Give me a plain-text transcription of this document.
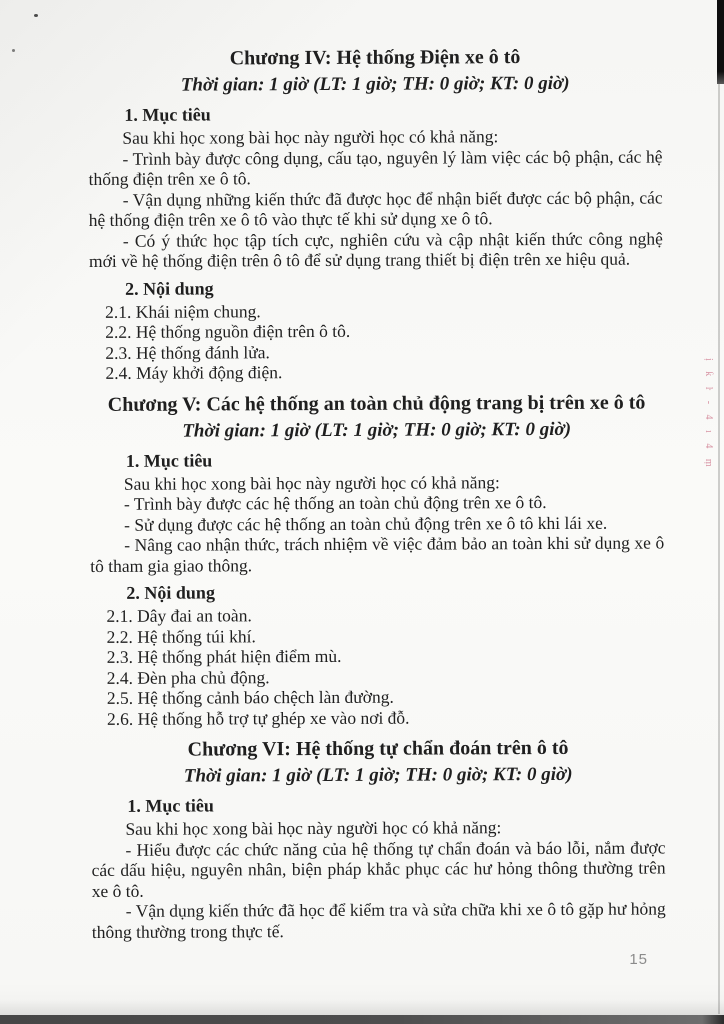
Chương IV: Hệ thống Điện xe ô tô
Thời gian: 1 giờ (LT: 1 giờ; TH: 0 giờ; KT: 0 giờ)
1. Mục tiêu

Sau khi học xong bài học này người học có khả năng:

- Trình bày được công dụng, cấu tạo, nguyên lý làm việc các bộ phận, các hệ thống điện trên xe ô tô.

- Vận dụng những kiến thức đã được học để nhận biết được các bộ phận, các hệ thống điện trên xe ô tô vào thực tế khi sử dụng xe ô tô.

- Có ý thức học tập tích cực, nghiên cứu và cập nhật kiến thức công nghệ mới về hệ thống điện trên ô tô để sử dụng trang thiết bị điện trên xe hiệu quả.

2. Nội dung
2.1. Khái niệm chung.
2.2. Hệ thống nguồn điện trên ô tô.
2.3. Hệ thống đánh lửa.
2.4. Máy khởi động điện.
Chương V: Các hệ thống an toàn chủ động trang bị trên xe ô tô
Thời gian: 1 giờ (LT: 1 giờ; TH: 0 giờ; KT: 0 giờ)
1. Mục tiêu

Sau khi học xong bài học này người học có khả năng:

- Trình bày được các hệ thống an toàn chủ động trên xe ô tô.

- Sử dụng được các hệ thống an toàn chủ động trên xe ô tô khi lái xe.

- Nâng cao nhận thức, trách nhiệm về việc đảm bảo an toàn khi sử dụng xe ô tô tham gia giao thông.

2. Nội dung
2.1. Dây đai an toàn.
2.2. Hệ thống túi khí.
2.3. Hệ thống phát hiện điểm mù.
2.4. Đèn pha chủ động.
2.5. Hệ thống cảnh báo chệch làn đường.
2.6. Hệ thống hỗ trợ tự ghép xe vào nơi đỗ.
Chương VI: Hệ thống tự chẩn đoán trên ô tô
Thời gian: 1 giờ (LT: 1 giờ; TH: 0 giờ; KT: 0 giờ)
1. Mục tiêu

Sau khi học xong bài học này người học có khả năng:

- Hiểu được các chức năng của hệ thống tự chẩn đoán và báo lỗi, nắm được các dấu hiệu, nguyên nhân, biện pháp khắc phục các hư hỏng thông thường trên xe ô tô.

- Vận dụng kiến thức đã học để kiểm tra và sửa chữa khi xe ô tô gặp hư hỏng thông thường trong thực tế.

ị ƙ ŀ - 4 ı 4 ṃ
15
